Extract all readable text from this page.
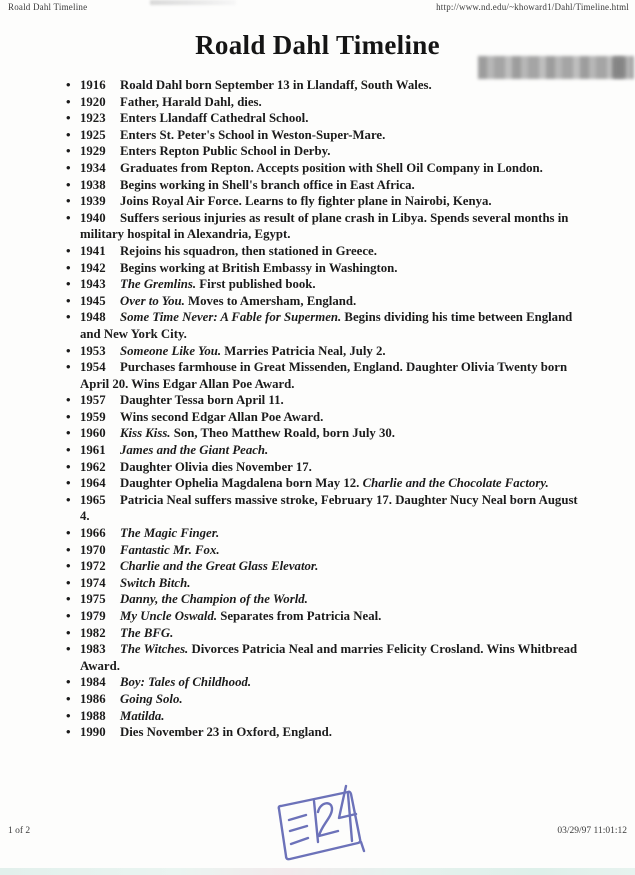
Roald Dahl Timeline	http://www.nd.edu/~khoward1/Dahl/Timeline.html
Roald Dahl Timeline
• 1916 Roald Dahl born September 13 in Llandaff, South Wales.
• 1920 Father, Harald Dahl, dies.
• 1923 Enters Llandaff Cathedral School.
• 1925 Enters St. Peter's School in Weston-Super-Mare.
• 1929 Enters Repton Public School in Derby.
• 1934 Graduates from Repton. Accepts position with Shell Oil Company in London.
• 1938 Begins working in Shell's branch office in East Africa.
• 1939 Joins Royal Air Force. Learns to fly fighter plane in Nairobi, Kenya.
• 1940 Suffers serious injuries as result of plane crash in Libya. Spends several months in military hospital in Alexandria, Egypt.
• 1941 Rejoins his squadron, then stationed in Greece.
• 1942 Begins working at British Embassy in Washington.
• 1943 The Gremlins. First published book.
• 1945 Over to You. Moves to Amersham, England.
• 1948 Some Time Never: A Fable for Supermen. Begins dividing his time between England and New York City.
• 1953 Someone Like You. Marries Patricia Neal, July 2.
• 1954 Purchases farmhouse in Great Missenden, England. Daughter Olivia Twenty born April 20. Wins Edgar Allan Poe Award.
• 1957 Daughter Tessa born April 11.
• 1959 Wins second Edgar Allan Poe Award.
• 1960 Kiss Kiss. Son, Theo Matthew Roald, born July 30.
• 1961 James and the Giant Peach.
• 1962 Daughter Olivia dies November 17.
• 1964 Daughter Ophelia Magdalena born May 12. Charlie and the Chocolate Factory.
• 1965 Patricia Neal suffers massive stroke, February 17. Daughter Nucy Neal born August 4.
• 1966 The Magic Finger.
• 1970 Fantastic Mr. Fox.
• 1972 Charlie and the Great Glass Elevator.
• 1974 Switch Bitch.
• 1975 Danny, the Champion of the World.
• 1979 My Uncle Oswald. Separates from Patricia Neal.
• 1982 The BFG.
• 1983 The Witches. Divorces Patricia Neal and marries Felicity Crosland. Wins Whitbread Award.
• 1984 Boy: Tales of Childhood.
• 1986 Going Solo.
• 1988 Matilda.
• 1990 Dies November 23 in Oxford, England.
1 of 2	03/29/97 11:01:12
